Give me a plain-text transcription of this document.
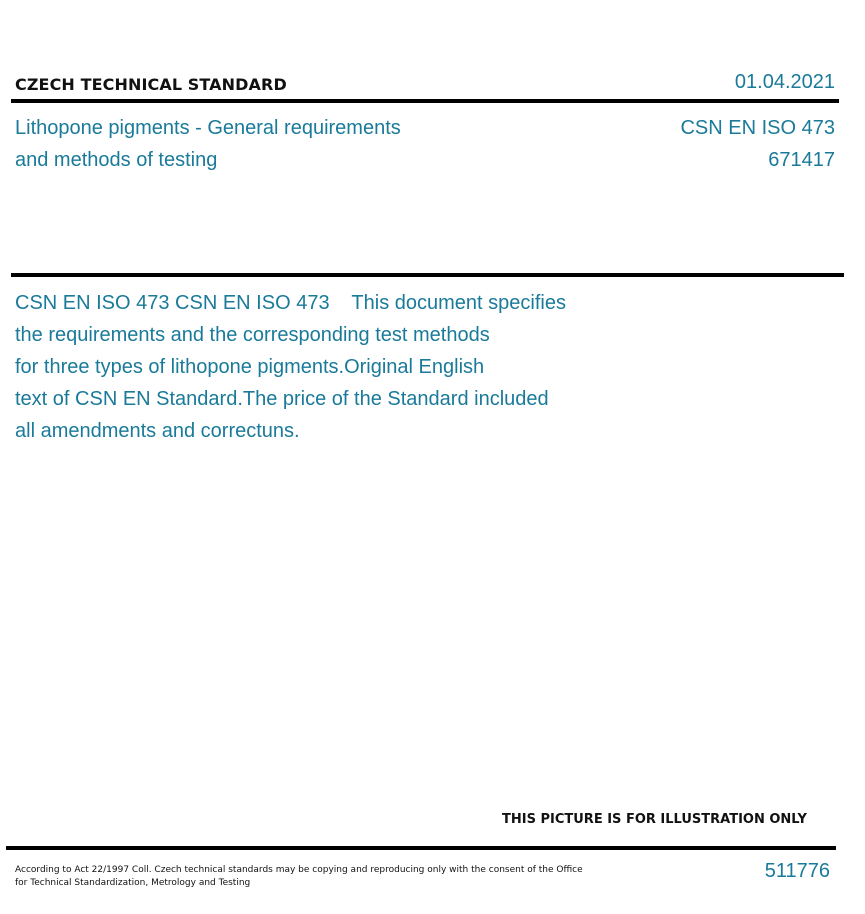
CZECH TECHNICAL STANDARD	01.04.2021
Lithopone pigments - General requirements
and methods of testing
CSN EN ISO 473
671417
CSN EN ISO 473 CSN EN ISO 473    This document specifies
the requirements and the corresponding test methods
for three types of lithopone pigments.Original English
text of CSN EN Standard.The price of the Standard included
all amendments and correctuns.
THIS PICTURE IS FOR ILLUSTRATION ONLY
According to Act 22/1997 Coll. Czech technical standards may be copying and reproducing only with the consent of the Office
for Technical Standardization, Metrology and Testing
511776
